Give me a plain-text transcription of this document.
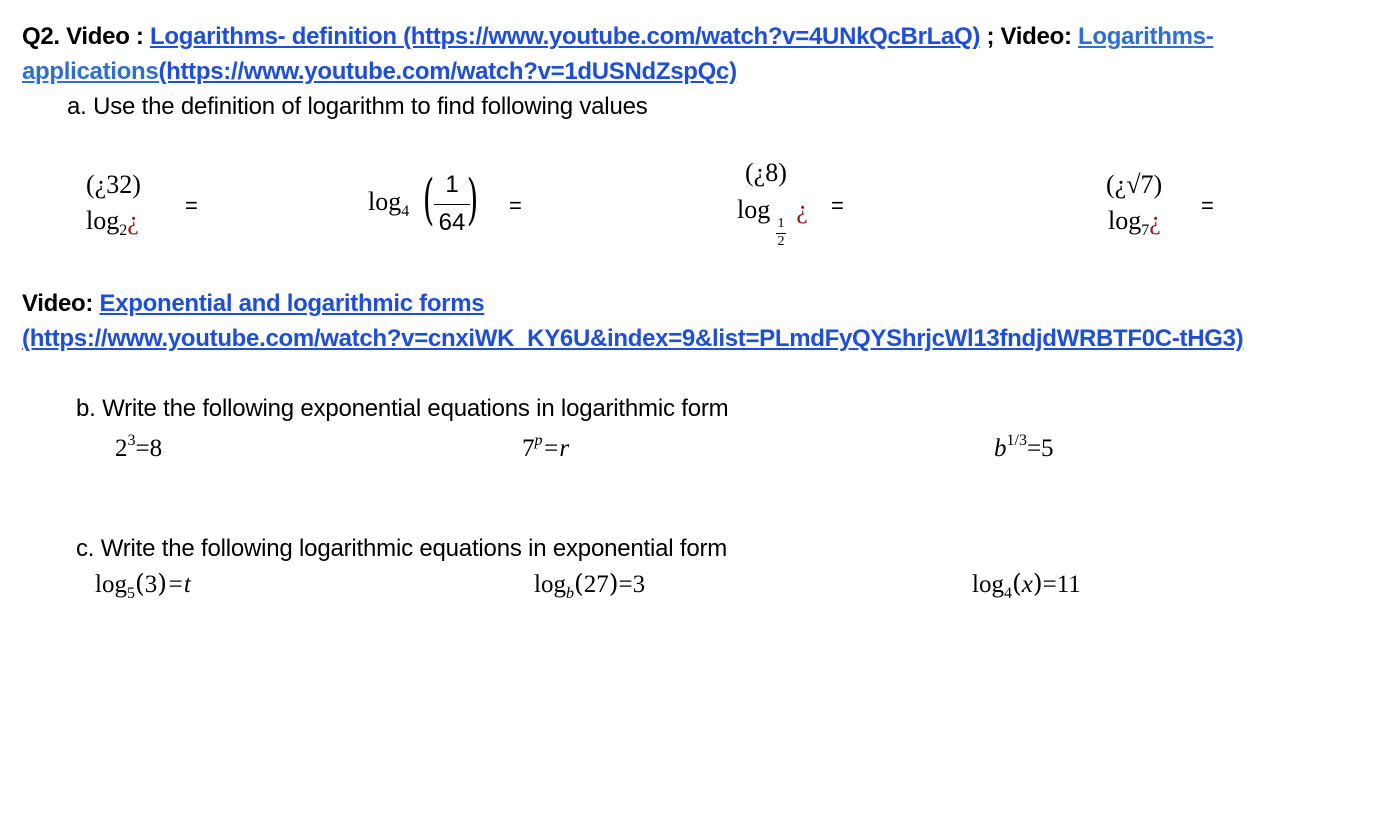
Q2. Video : Logarithms- definition (https://www.youtube.com/watch?v=4UNkQcBrLaQ) ; Video: Logarithms-
applications(https://www.youtube.com/watch?v=1dUSNdZspQc)
a. Use the definition of logarithm to find following values
(¿32)
$\log_2¿$
=	$\log_4$ ( 1
64 ) =
(¿8)
log ¿
1
2
=
(¿√7)
$\log_7¿$
=
Video: Exponential and logarithmic forms
(https://www.youtube.com/watch?v=cnxiWK_KY6U&index=9&list=PLmdFyQYShrjcWl13fndjdWRBTF0C-tHG3)
b. Write the following exponential equations in logarithmic form
$2^3=8$	$7^p=r$	$b^{1/3}=5$
c. Write the following logarithmic equations in exponential form
$\log_5(3)=t$	$\log_b(27)=3$	$\log_4(x)=11$
